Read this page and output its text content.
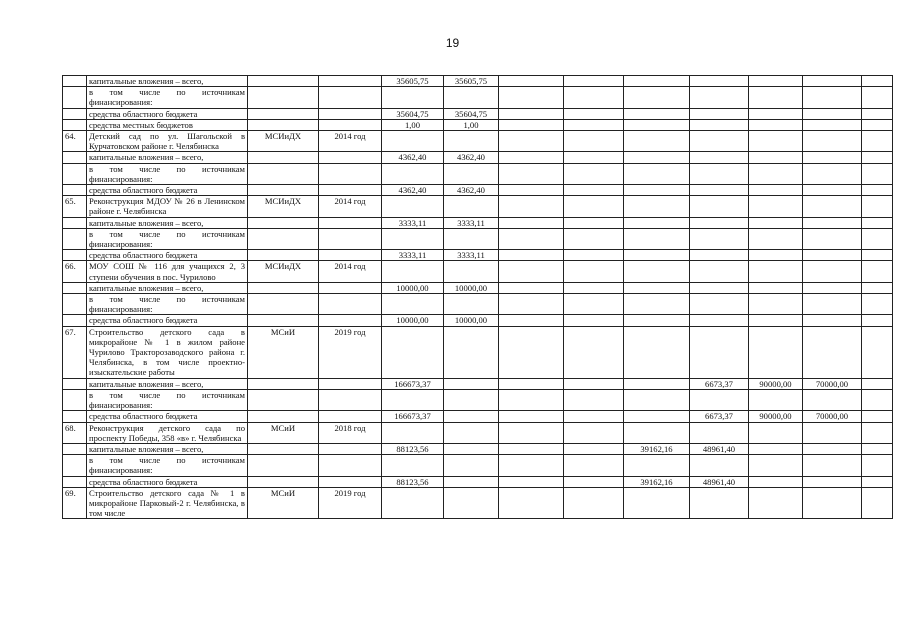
19
	капитальные вложения – всего,			35605,75	35605,75							
	в том числе по источникам финансирования:											
	средства областного бюджета			35604,75	35604,75							
	средства местных бюджетов			1,00	1,00							
64.	Детский сад по ул. Шагольской в Курчатовском районе г. Челябинска	МСИиДХ	2014 год									
	капитальные вложения – всего,			4362,40	4362,40							
	в том числе по источникам финансирования:											
	средства областного бюджета			4362,40	4362,40							
65.	Реконструкция МДОУ № 26 в Ленинском районе г. Челябинска	МСИиДХ	2014 год									
	капитальные вложения – всего,			3333,11	3333,11							
	в том числе по источникам финансирования:											
	средства областного бюджета			3333,11	3333,11							
66.	МОУ СОШ № 116 для учащихся 2, 3 ступени обучения в пос. Чурилово	МСИиДХ	2014 год									
	капитальные вложения – всего,			10000,00	10000,00							
	в том числе по источникам финансирования:											
	средства областного бюджета			10000,00	10000,00							
67.	Строительство детского сада в микрорайоне № 1 в жилом районе Чурилово Тракторозаводского района г. Челябинска, в том числе проектно-изыскательские работы	МСиИ	2019 год									
	капитальные вложения – всего,			166673,37					6673,37	90000,00	70000,00	
	в том числе по источникам финансирования:											
	средства областного бюджета			166673,37					6673,37	90000,00	70000,00	
68.	Реконструкция детского сада по проспекту Победы, 358 «в» г. Челябинска	МСиИ	2018 год									
	капитальные вложения – всего,			88123,56				39162,16	48961,40			
	в том числе по источникам финансирования:											
	средства областного бюджета			88123,56				39162,16	48961,40			
69.	Строительство детского сада № 1 в микрорайоне Парковый-2 г. Челябинска, в том числе	МСиИ	2019 год									
